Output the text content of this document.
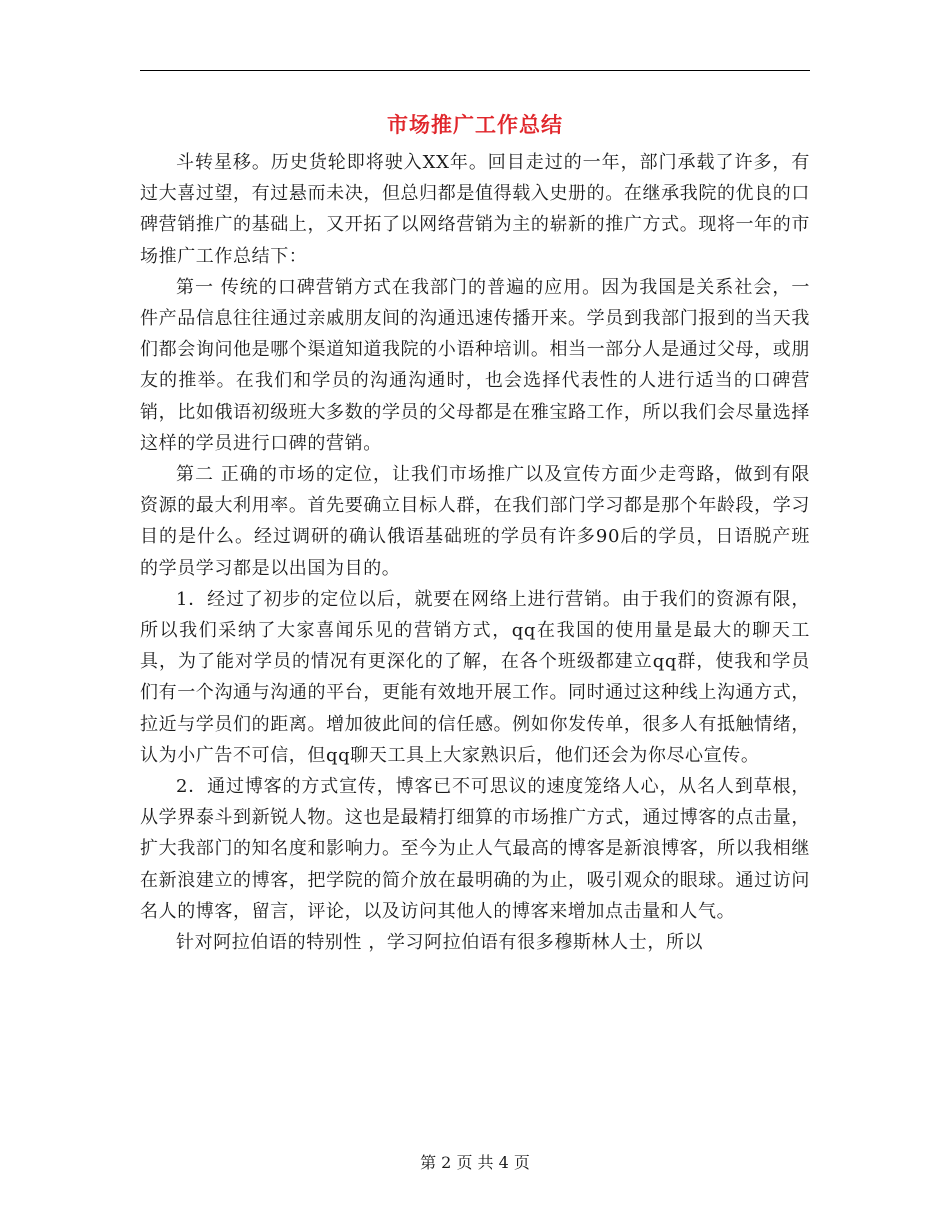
市场推广工作总结

斗转星移。历史货轮即将驶入XX年。回目走过的一年，部门承载了许多，有过大喜过望，有过悬而未决，但总归都是值得载入史册的。在继承我院的优良的口碑营销推广的基础上，又开拓了以网络营销为主的崭新的推广方式。现将一年的市场推广工作总结下：

第一 传统的口碑营销方式在我部门的普遍的应用。因为我国是关系社会，一件产品信息往往通过亲戚朋友间的沟通迅速传播开来。学员到我部门报到的当天我们都会询问他是哪个渠道知道我院的小语种培训。相当一部分人是通过父母，或朋友的推举。在我们和学员的沟通沟通时，也会选择代表性的人进行适当的口碑营销，比如俄语初级班大多数的学员的父母都是在雅宝路工作，所以我们会尽量选择这样的学员进行口碑的营销。

第二 正确的市场的定位，让我们市场推广以及宣传方面少走弯路，做到有限资源的最大利用率。首先要确立目标人群，在我们部门学习都是那个年龄段，学习目的是什么。经过调研的确认俄语基础班的学员有许多90后的学员，日语脱产班的学员学习都是以出国为目的。

1．经过了初步的定位以后，就要在网络上进行营销。由于我们的资源有限，所以我们采纳了大家喜闻乐见的营销方式，qq在我国的使用量是最大的聊天工具，为了能对学员的情况有更深化的了解，在各个班级都建立qq群，使我和学员们有一个沟通与沟通的平台，更能有效地开展工作。同时通过这种线上沟通方式，拉近与学员们的距离。增加彼此间的信任感。例如你发传单，很多人有抵触情绪，认为小广告不可信，但qq聊天工具上大家熟识后，他们还会为你尽心宣传。

2．通过博客的方式宣传，博客已不可思议的速度笼络人心，从名人到草根，从学界泰斗到新锐人物。这也是最精打细算的市场推广方式，通过博客的点击量，扩大我部门的知名度和影响力。至今为止人气最高的博客是新浪博客，所以我相继在新浪建立的博客，把学院的简介放在最明确的为止，吸引观众的眼球。通过访问名人的博客，留言，评论，以及访问其他人的博客来增加点击量和人气。

针对阿拉伯语的特别性 ，学习阿拉伯语有很多穆斯林人士，所以

第 2 页 共 4 页
